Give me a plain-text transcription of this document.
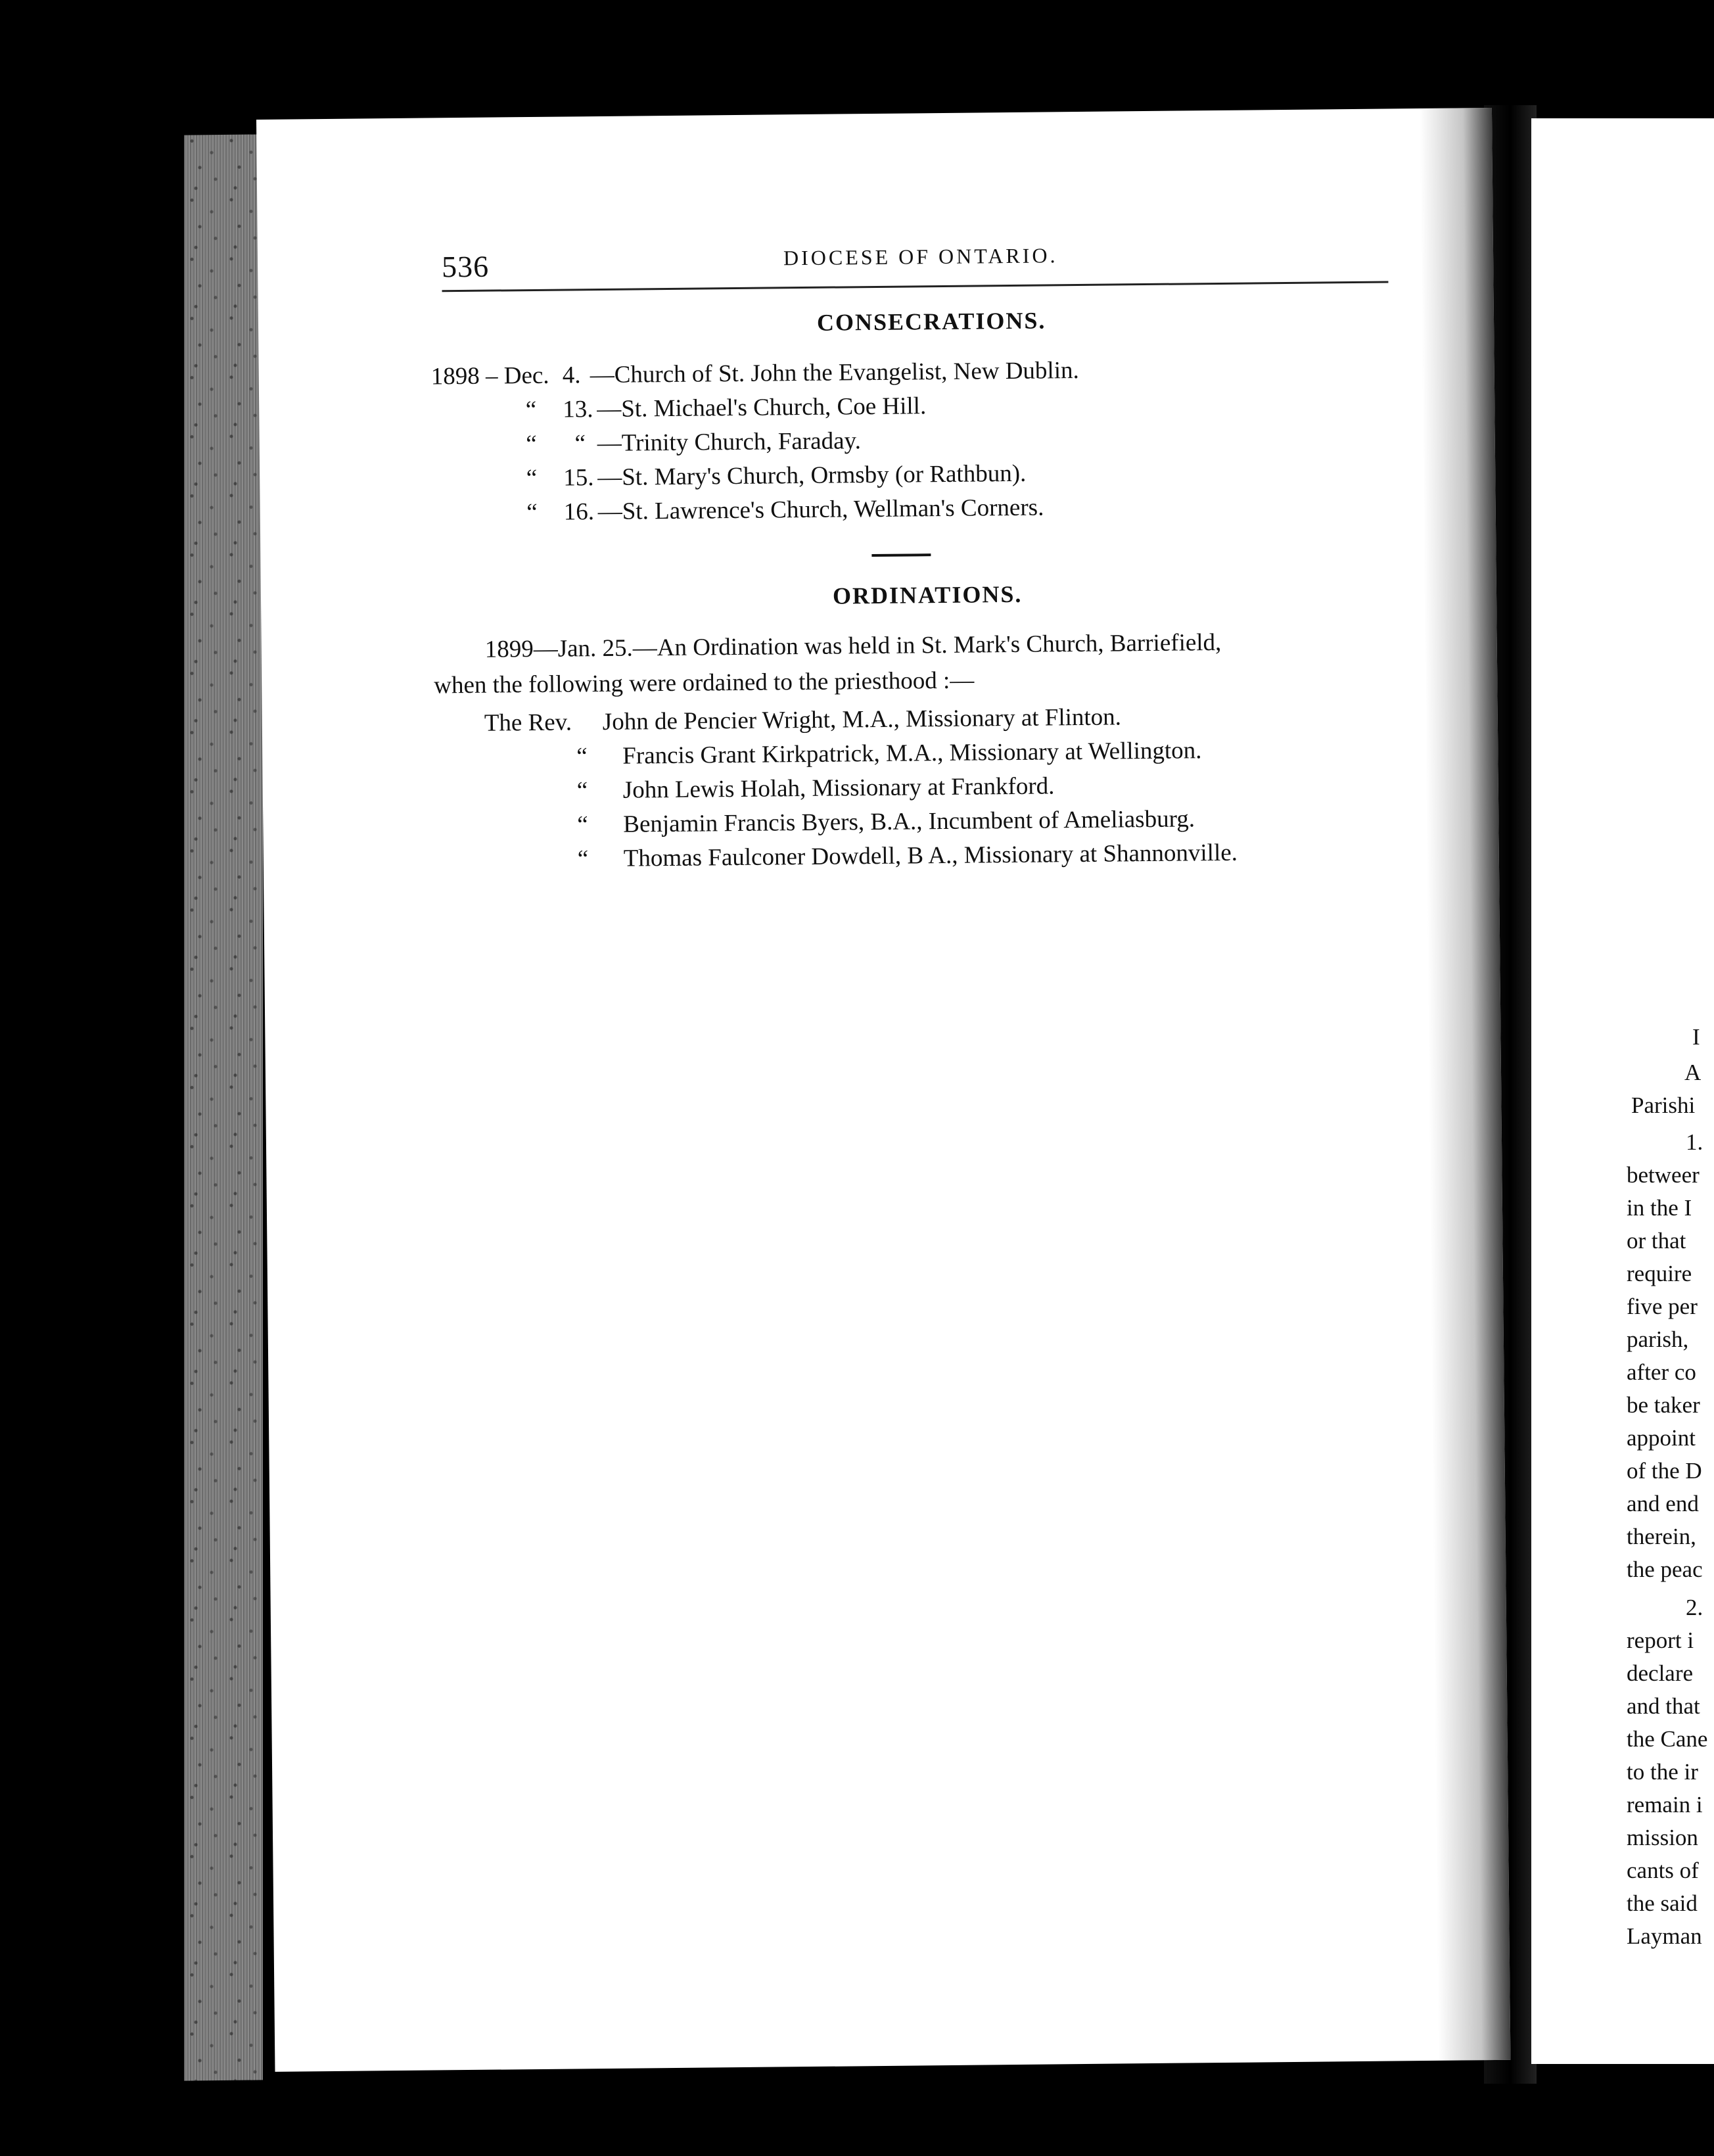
I
A
Parishi
1.
betweer
in the I
or that
require
five per
parish,
after co
be taker
appoint
of the D
and end
therein,
the peac
2.
report i
declare
and that
the Cane
to the ir
remain i
mission
cants of
the said
Layman
536	DIOCESE OF ONTARIO.
CONSECRATIONS.
1898 – Dec. 4. —Church of St. John the Evangelist, New Dublin.
“ 13. —St. Michael's Church, Coe Hill.
“ “ —Trinity Church, Faraday.
“ 15. —St. Mary's Church, Ormsby (or Rathbun).
“ 16. —St. Lawrence's Church, Wellman's Corners.
ORDINATIONS.

1899—Jan. 25.—An Ordination was held in St. Mark's Church, Barriefield,

when the following were ordained to the priesthood :—

The Rev. John de Pencier Wright, M.A., Missionary at Flinton.
“ Francis Grant Kirkpatrick, M.A., Missionary at Wellington.
“ John Lewis Holah, Missionary at Frankford.
“ Benjamin Francis Byers, B.A., Incumbent of Ameliasburg.
“ Thomas Faulconer Dowdell, B A., Missionary at Shannonville.
